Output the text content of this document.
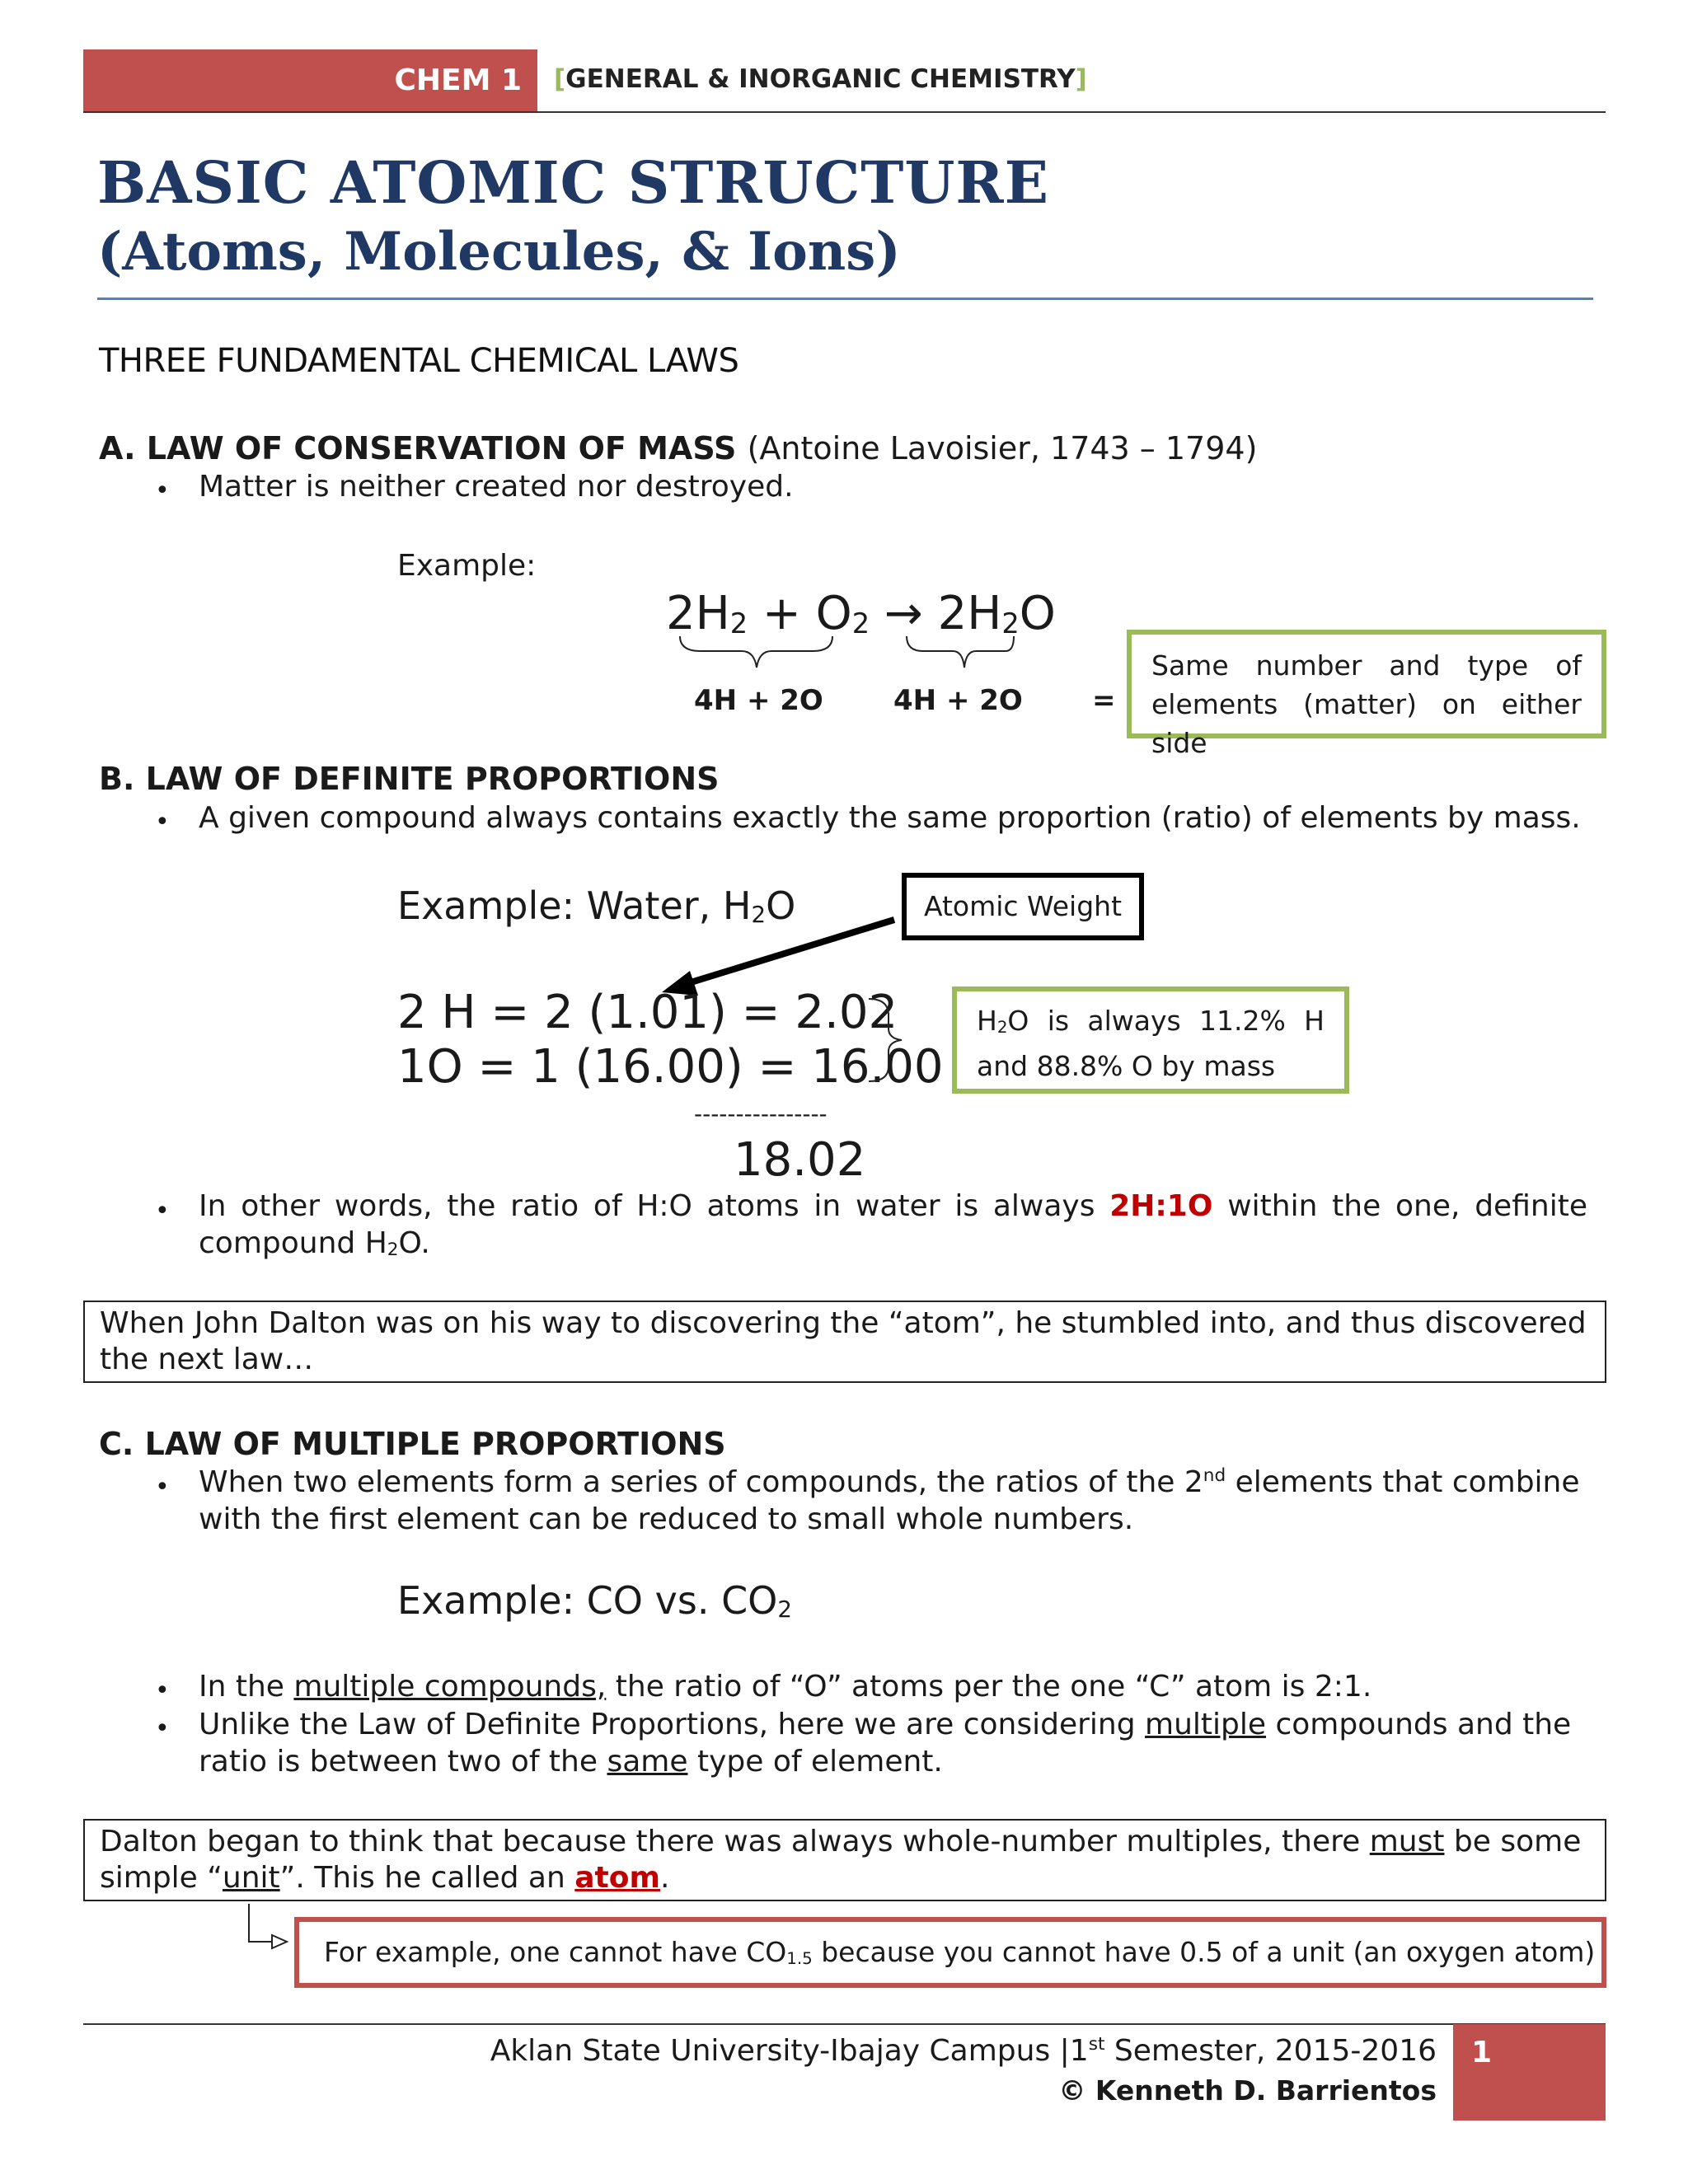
CHEM 1 [GENERAL & INORGANIC CHEMISTRY]
BASIC ATOMIC STRUCTURE
(Atoms, Molecules, & Ions)
THREE FUNDAMENTAL CHEMICAL LAWS
A. LAW OF CONSERVATION OF MASS (Antoine Lavoisier, 1743 – 1794)
• Matter is neither created nor destroyed.
Example:
$2H_2 + O_2 \to 2H_2O$
4H + 2O	4H + 2O =
Same number and type of elements (matter) on either side
B. LAW OF DEFINITE PROPORTIONS
• A given compound always contains exactly the same proportion (ratio) of elements by mass.
Example: Water, $H_2O$	Atomic Weight
2 H = 2 (1.01) = 2.02
1O = 1 (16.00) = 16.00
$H_2O$ is always 11.2% H and 88.8% O by mass
----------------
18.02
• In other words, the ratio of H:O atoms in water is always 2H:1O within the one, definite
compound $H_2O$.
When John Dalton was on his way to discovering the “atom”, he stumbled into, and thus discovered
the next law…
C. LAW OF MULTIPLE PROPORTIONS
• When two elements form a series of compounds, the ratios of the 2nd elements that combine
with the first element can be reduced to small whole numbers.
Example: CO vs. $CO_2$
• In the multiple compounds, the ratio of “O” atoms per the one “C” atom is 2:1.
• Unlike the Law of Definite Proportions, here we are considering multiple compounds and the
ratio is between two of the same type of element.
Dalton began to think that because there was always whole-number multiples, there must be some
simple “unit”. This he called an atom.
For example, one cannot have $CO_{1.5}$ because you cannot have 0.5 of a unit (an oxygen atom)
1
Aklan State University-Ibajay Campus |1st Semester, 2015-2016
© Kenneth D. Barrientos
